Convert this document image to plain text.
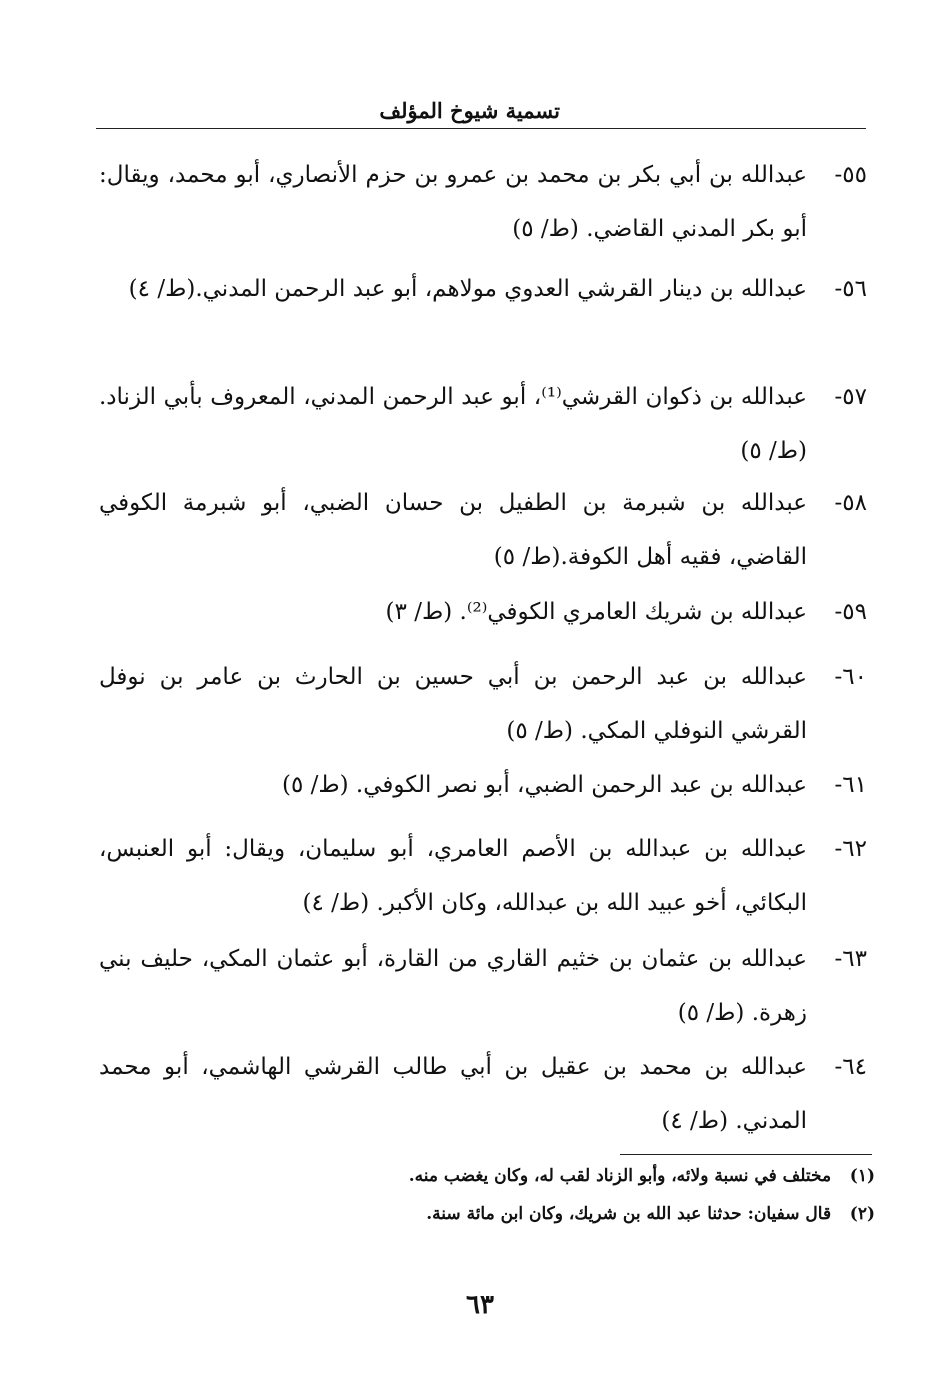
تسمية شيوخ المؤلف
٥٥-
عبدالله بن أبي بكر بن محمد بن عمرو بن حزم الأنصاري، أبو محمد، ويقال: أبو بكر المدني القاضي. (ط/ ٥)
٥٦-
عبدالله بن دينار القرشي العدوي مولاهم، أبو عبد الرحمن المدني.(ط/ ٤)
٥٧-
عبدالله بن ذكوان القرشي⁽¹⁾، أبو عبد الرحمن المدني، المعروف بأبي الزناد. (ط/ ٥)
٥٨-
عبدالله بن شبرمة بن الطفيل بن حسان الضبي، أبو شبرمة الكوفي القاضي، فقيه أهل الكوفة.(ط/ ٥)
٥٩-
عبدالله بن شريك العامري الكوفي⁽²⁾. (ط/ ٣)
٦٠-
عبدالله بن عبد الرحمن بن أبي حسين بن الحارث بن عامر بن نوفل القرشي النوفلي المكي. (ط/ ٥)
٦١-
عبدالله بن عبد الرحمن الضبي، أبو نصر الكوفي. (ط/ ٥)
٦٢-
عبدالله بن عبدالله بن الأصم العامري، أبو سليمان، ويقال: أبو العنبس، البكائي، أخو عبيد الله بن عبدالله، وكان الأكبر. (ط/ ٤)
٦٣-
عبدالله بن عثمان بن خثيم القاري من القارة، أبو عثمان المكي، حليف بني زهرة. (ط/ ٥)
٦٤-
عبدالله بن محمد بن عقيل بن أبي طالب القرشي الهاشمي، أبو محمد المدني. (ط/ ٤)
(١) مختلف في نسبة ولائه، وأبو الزناد لقب له، وكان يغضب منه.
(٢) قال سفيان: حدثنا عبد الله بن شريك، وكان ابن مائة سنة.
٦٣
